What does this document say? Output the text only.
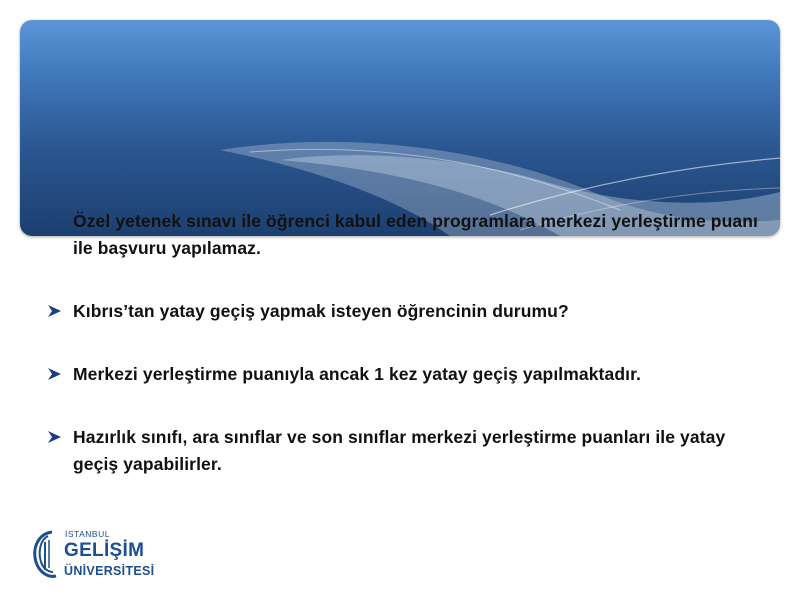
Özel yetenek sınavı ile öğrenci kabul eden programlara merkezi yerleştirme puanı ile başvuru yapılamaz.
Kıbrıs’tan yatay geçiş yapmak isteyen öğrencinin durumu?
Merkezi yerleştirme puanıyla ancak 1 kez yatay geçiş yapılmaktadır.
Hazırlık sınıfı, ara sınıflar ve son sınıflar merkezi yerleştirme puanları ile yatay geçiş yapabilirler.
İSTANBUL
GELİŞİM
ÜNİVERSİTESİ
